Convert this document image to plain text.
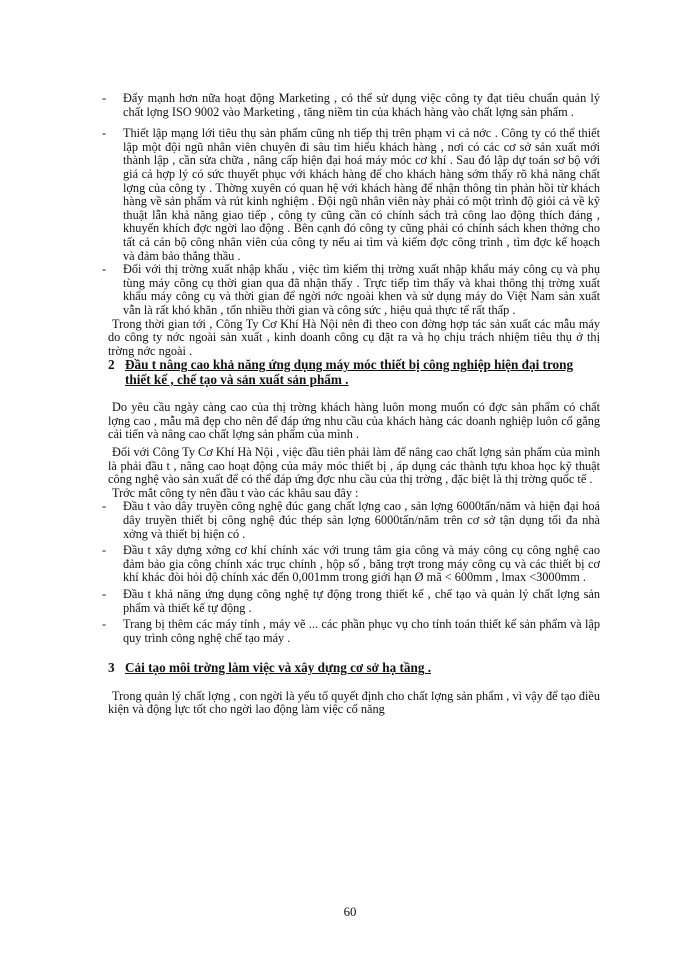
-	Đẩy mạnh hơn nữa hoạt động Marketing , có thể sử dụng việc công ty đạt tiêu chuẩn quản lý chất lợng ISO 9002 vào Marketing , tăng niềm tin của khách hàng vào chất lợng sản phẩm .
-	Thiết lập mạng lới tiêu thụ sản phẩm cũng nh tiếp thị trên phạm vi cả nớc . Công ty có thể thiết lập một đội ngũ nhân viên chuyên đi sâu tìm hiểu khách hàng , nơi có các cơ sở sản xuất mới thành lập , cần sửa chữa , nâng cấp hiện đại hoá máy móc cơ khí . Sau đó lập dự toán sơ bộ với giá cả hợp lý có sức thuyết phục với khách hàng để cho khách hàng sớm thấy rõ khả năng chất lợng của công ty . Thờng xuyên có quan hệ với khách hàng để nhận thông tin phản hồi từ khách hàng về sản phẩm và rút kinh nghiệm . Đội ngũ nhân viên này phải có một trình độ giỏi cả về kỹ thuật lẫn khả năng giao tiếp , công ty cũng cần có chính sách trả công lao động thích đáng , khuyến khích đợc ngời lao động . Bên cạnh đó công ty cũng phải có chính sách khen thởng cho tất cả cán bộ công nhân viên của công ty nếu ai tìm và kiếm đợc công trình , tìm đợc kế hoạch và đảm bảo thắng thầu .
-	Đối với thị trờng xuất nhập khẩu , việc tìm kiếm thị trờng xuất nhập khẩu máy công cụ và phụ tùng máy công cụ thời gian qua đã nhận thấy . Trực tiếp tìm thấy và khai thông thị trờng xuất khẩu máy công cụ và thời gian để ngời nớc ngoài khen và sử dụng máy do Việt Nam sản xuất vẫn là rất khó khăn , tốn nhiều thời gian và công sức , hiệu quả thực tế rất thấp .

Trong thời gian tới , Công Ty Cơ Khí Hà Nội nên đi theo con đờng hợp tác sản xuất các mẫu máy do công ty nớc ngoài sản xuất , kinh doanh công cụ đặt ra và họ chịu trách nhiệm tiêu thụ ở thị trờng nớc ngoài .

2 Đầu t nâng cao khả năng ứng dụng máy móc thiết bị công nghiệp hiện đại trong thiết kế , chế tạo và sản xuất sản phẩm .

Do yêu cầu ngày càng cao của thị trờng khách hàng luôn mong muốn có đợc sản phẩm có chất lợng cao , mẫu mã đẹp cho nên để đáp ứng nhu cầu của khách hàng các doanh nghiệp luôn cố gắng cải tiến và nâng cao chất lợng sản phẩm của mình .

Đối với Công Ty Cơ Khí Hà Nội , việc đầu tiên phải làm để nâng cao chất lợng sản phẩm của mình là phải đầu t , nâng cao hoạt động của máy móc thiết bị , áp dụng các thành tựu khoa học kỹ thuật công nghệ vào sản xuất để có thể đáp ứng đợc nhu cầu của thị trờng , đặc biệt là thị trờng quốc tế .

Trớc mắt công ty nên đầu t vào các khâu sau đây :

-	Đầu t vào dây truyền công nghệ đúc gang chất lợng cao , sản lợng 6000tấn/năm và hiện đại hoá dây truyền thiết bị công nghệ đúc thép sản lợng 6000tấn/năm trên cơ sở tận dụng tối đa nhà xởng và thiết bị hiện có .
-	Đầu t xây dựng xởng cơ khí chính xác với trung tâm gia công và máy công cụ công nghệ cao đảm bảo gia công chính xác trục chính , hộp số , băng trợt trong máy công cụ và các thiết bị cơ khí khác đòi hỏi độ chính xác đến 0,001mm trong giới hạn Ø mã < 600mm , lmax <3000mm .
-	Đầu t khả năng ứng dụng công nghệ tự động trong thiết kế , chế tạo và quản lý chất lợng sản phẩm và thiết kế tự động .
-	Trang bị thêm các máy tính , máy vẽ ... các phần phục vụ cho tính toán thiết kế sản phẩm và lập quy trình công nghệ chế tạo máy .
3 Cải tạo môi trờng làm việc và xây dựng cơ sở hạ tầng .

Trong quản lý chất lợng , con ngời là yếu tố quyết định cho chất lợng sản phẩm , vì vậy để tạo điều kiện và động lực tốt cho ngời lao động làm việc cố năng

60
